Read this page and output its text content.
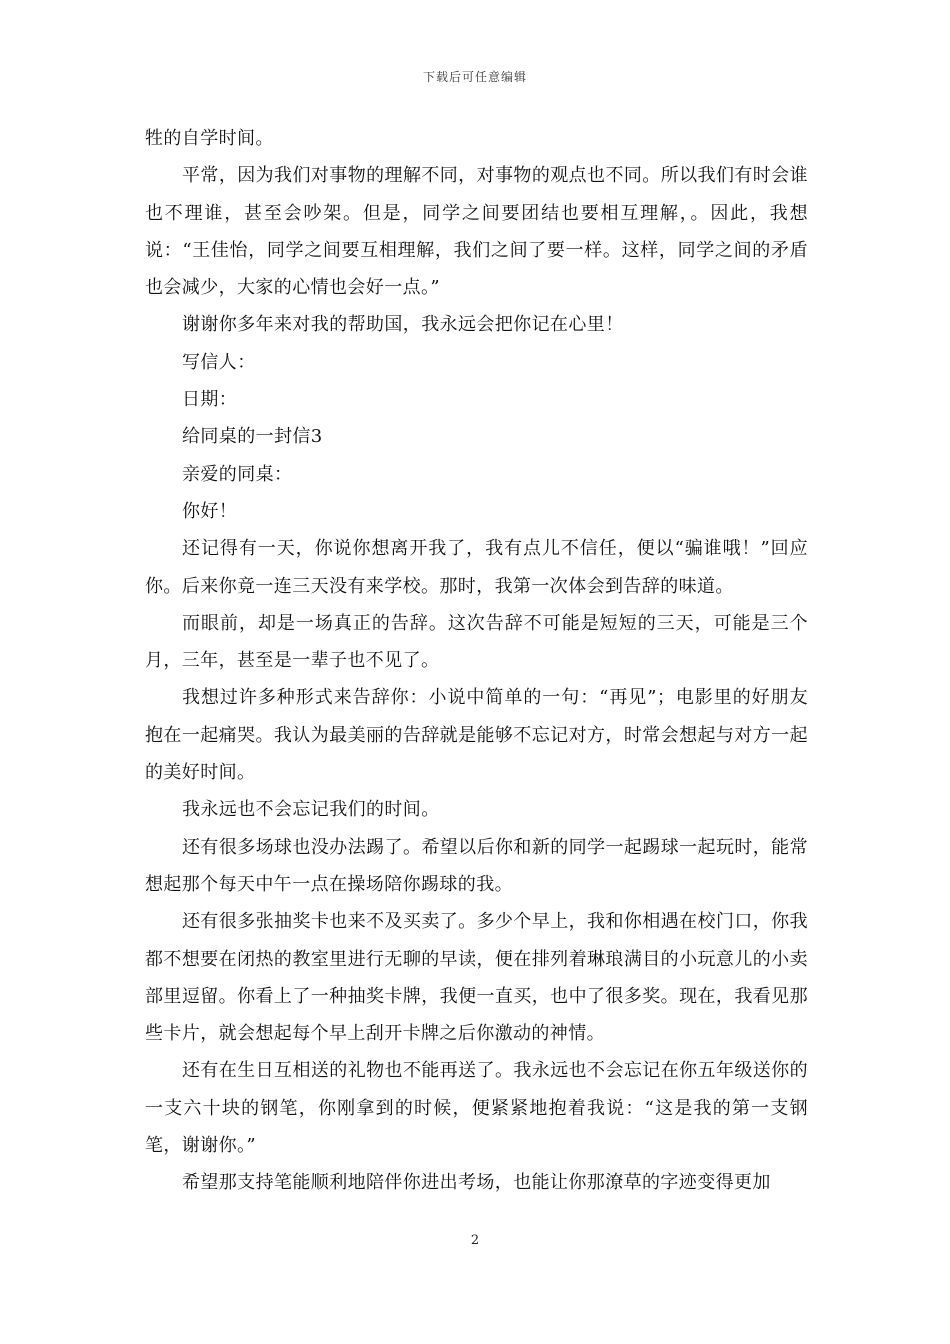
下载后可任意编辑

牲的自学时间。

平常，因为我们对事物的理解不同，对事物的观点也不同。所以我们有时会谁也不理谁，甚至会吵架。但是，同学之间要团结也要相互理解，。因此，我想说：“王佳怡，同学之间要互相理解，我们之间了要一样。这样，同学之间的矛盾也会减少，大家的心情也会好一点。”

谢谢你多年来对我的帮助国，我永远会把你记在心里！

写信人：

日期：

给同桌的一封信3

亲爱的同桌：

你好！

还记得有一天，你说你想离开我了，我有点儿不信任，便以“骗谁哦！”回应你。后来你竟一连三天没有来学校。那时，我第一次体会到告辞的味道。

而眼前，却是一场真正的告辞。这次告辞不可能是短短的三天，可能是三个月，三年，甚至是一辈子也不见了。

我想过许多种形式来告辞你：小说中简单的一句：“再见”；电影里的好朋友抱在一起痛哭。我认为最美丽的告辞就是能够不忘记对方，时常会想起与对方一起的美好时间。

我永远也不会忘记我们的时间。

还有很多场球也没办法踢了。希望以后你和新的同学一起踢球一起玩时，能常想起那个每天中午一点在操场陪你踢球的我。

还有很多张抽奖卡也来不及买卖了。多少个早上，我和你相遇在校门口，你我都不想要在闭热的教室里进行无聊的早读，便在排列着琳琅满目的小玩意儿的小卖部里逗留。你看上了一种抽奖卡牌，我便一直买，也中了很多奖。现在，我看见那些卡片，就会想起每个早上刮开卡牌之后你激动的神情。

还有在生日互相送的礼物也不能再送了。我永远也不会忘记在你五年级送你的一支六十块的钢笔，你刚拿到的时候，便紧紧地抱着我说：“这是我的第一支钢笔，谢谢你。”

希望那支持笔能顺利地陪伴你进出考场，也能让你那潦草的字迹变得更加

2
